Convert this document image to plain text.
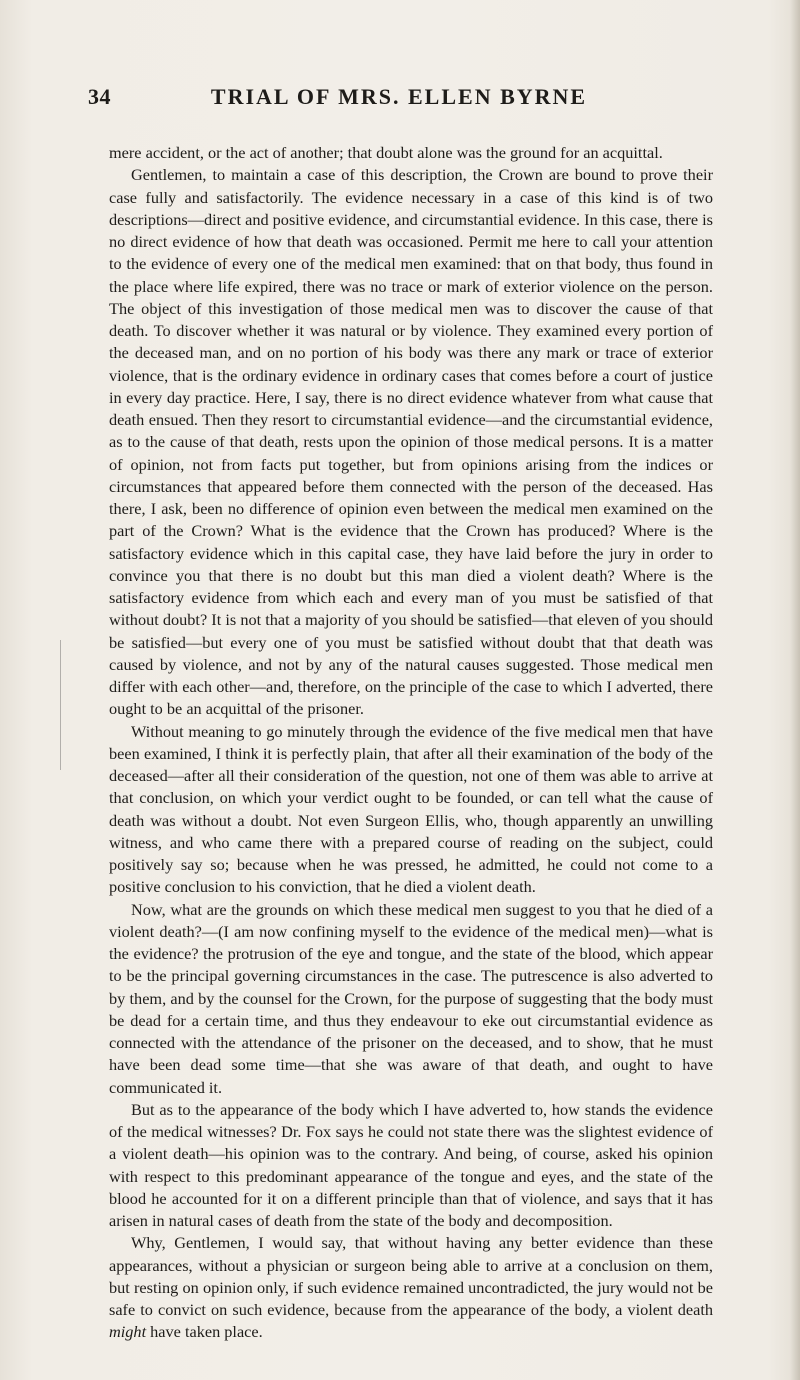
34	TRIAL OF MRS. ELLEN BYRNE

mere accident, or the act of another; that doubt alone was the ground for an acquittal.

Gentlemen, to maintain a case of this description, the Crown are bound to prove their case fully and satisfactorily. The evidence necessary in a case of this kind is of two descriptions—direct and positive evidence, and circumstantial evidence. In this case, there is no direct evidence of how that death was occasioned. Permit me here to call your attention to the evidence of every one of the medical men examined: that on that body, thus found in the place where life expired, there was no trace or mark of exterior violence on the person. The object of this investigation of those medical men was to discover the cause of that death. To discover whether it was natural or by violence. They examined every portion of the deceased man, and on no portion of his body was there any mark or trace of exterior violence, that is the ordinary evidence in ordinary cases that comes before a court of justice in every day practice. Here, I say, there is no direct evidence whatever from what cause that death ensued. Then they resort to circumstantial evidence—and the circumstantial evidence, as to the cause of that death, rests upon the opinion of those medical persons. It is a matter of opinion, not from facts put together, but from opinions arising from the indices or circumstances that appeared before them connected with the person of the deceased. Has there, I ask, been no difference of opinion even between the medical men examined on the part of the Crown? What is the evidence that the Crown has produced? Where is the satisfactory evidence which in this capital case, they have laid before the jury in order to convince you that there is no doubt but this man died a violent death? Where is the satisfactory evidence from which each and every man of you must be satisfied of that without doubt? It is not that a majority of you should be satisfied—that eleven of you should be satisfied—but every one of you must be satisfied without doubt that that death was caused by violence, and not by any of the natural causes suggested. Those medical men differ with each other—and, therefore, on the principle of the case to which I adverted, there ought to be an acquittal of the prisoner.

Without meaning to go minutely through the evidence of the five medical men that have been examined, I think it is perfectly plain, that after all their examination of the body of the deceased—after all their consideration of the question, not one of them was able to arrive at that conclusion, on which your verdict ought to be founded, or can tell what the cause of death was without a doubt. Not even Surgeon Ellis, who, though apparently an unwilling witness, and who came there with a prepared course of reading on the subject, could positively say so; because when he was pressed, he admitted, he could not come to a positive conclusion to his conviction, that he died a violent death.

Now, what are the grounds on which these medical men suggest to you that he died of a violent death?—(I am now confining myself to the evidence of the medical men)—what is the evidence? the protrusion of the eye and tongue, and the state of the blood, which appear to be the principal governing circumstances in the case. The putrescence is also adverted to by them, and by the counsel for the Crown, for the purpose of suggesting that the body must be dead for a certain time, and thus they endeavour to eke out circumstantial evidence as connected with the attendance of the prisoner on the deceased, and to show, that he must have been dead some time—that she was aware of that death, and ought to have communicated it.

But as to the appearance of the body which I have adverted to, how stands the evidence of the medical witnesses? Dr. Fox says he could not state there was the slightest evidence of a violent death—his opinion was to the contrary. And being, of course, asked his opinion with respect to this predominant appearance of the tongue and eyes, and the state of the blood he accounted for it on a different principle than that of violence, and says that it has arisen in natural cases of death from the state of the body and decomposition.

Why, Gentlemen, I would say, that without having any better evidence than these appearances, without a physician or surgeon being able to arrive at a conclusion on them, but resting on opinion only, if such evidence remained uncontradicted, the jury would not be safe to convict on such evidence, because from the appearance of the body, a violent death might have taken place.
